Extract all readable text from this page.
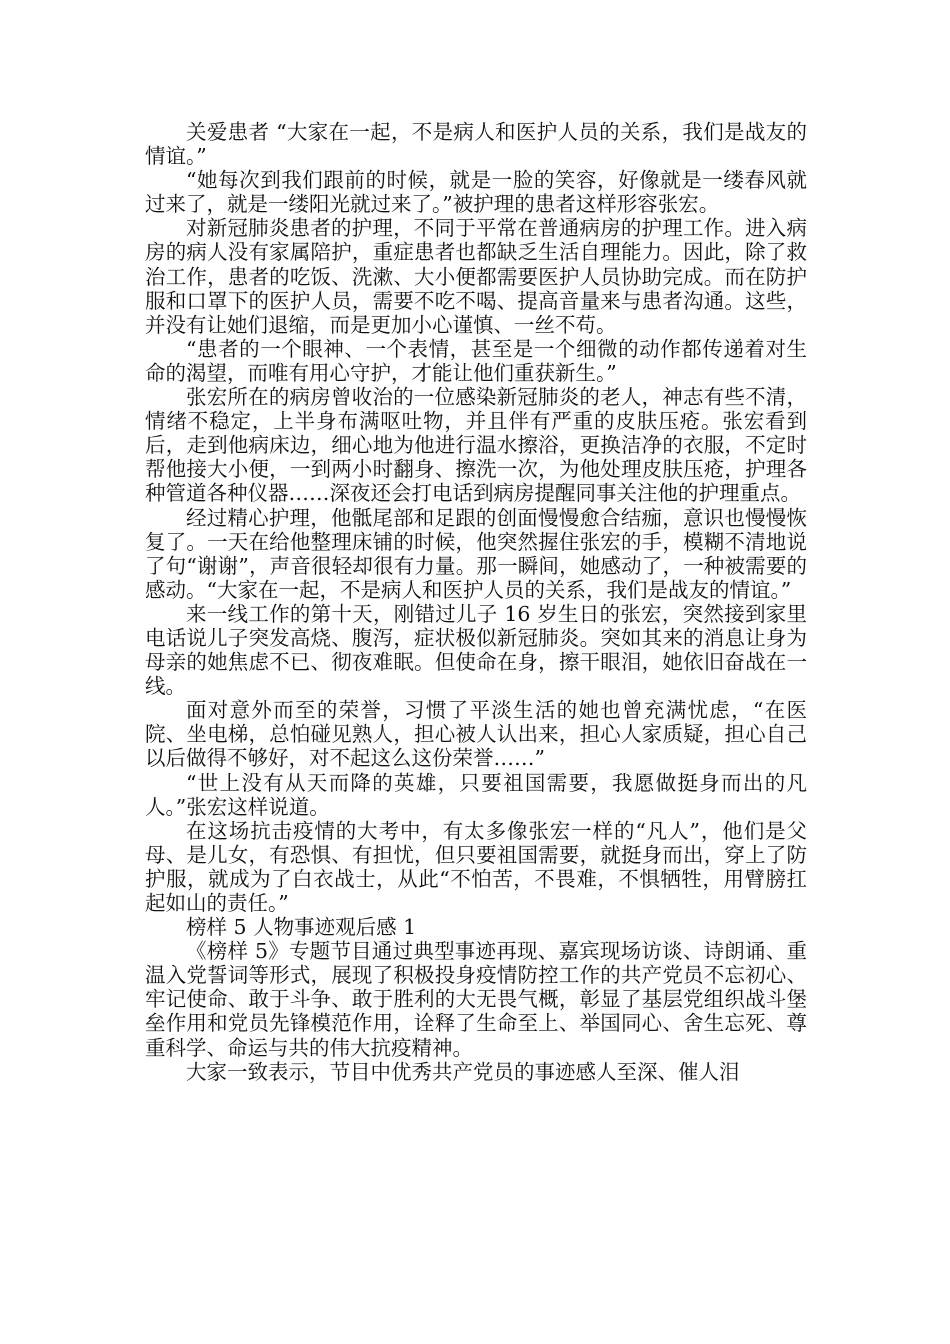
关爱患者 “大家在一起，不是病人和医护人员的关系，我们是战友的情谊。”

“她每次到我们跟前的时候，就是一脸的笑容，好像就是一缕春风就过来了，就是一缕阳光就过来了。”被护理的患者这样形容张宏。

对新冠肺炎患者的护理，不同于平常在普通病房的护理工作。进入病房的病人没有家属陪护，重症患者也都缺乏生活自理能力。因此，除了救治工作，患者的吃饭、洗漱、大小便都需要医护人员协助完成。而在防护服和口罩下的医护人员，需要不吃不喝、提高音量来与患者沟通。这些，并没有让她们退缩，而是更加小心谨慎、一丝不苟。

“患者的一个眼神、一个表情，甚至是一个细微的动作都传递着对生命的渴望，而唯有用心守护，才能让他们重获新生。”

张宏所在的病房曾收治的一位感染新冠肺炎的老人，神志有些不清，情绪不稳定，上半身布满呕吐物，并且伴有严重的皮肤压疮。张宏看到后，走到他病床边，细心地为他进行温水擦浴，更换洁净的衣服，不定时帮他接大小便，一到两小时翻身、擦洗一次，为他处理皮肤压疮，护理各种管道各种仪器……深夜还会打电话到病房提醒同事关注他的护理重点。

经过精心护理，他骶尾部和足跟的创面慢慢愈合结痂，意识也慢慢恢复了。一天在给他整理床铺的时候，他突然握住张宏的手，模糊不清地说了句“谢谢”，声音很轻却很有力量。那一瞬间，她感动了，一种被需要的感动。“大家在一起，不是病人和医护人员的关系，我们是战友的情谊。”

来一线工作的第十天，刚错过儿子 16 岁生日的张宏，突然接到家里电话说儿子突发高烧、腹泻，症状极似新冠肺炎。突如其来的消息让身为母亲的她焦虑不已、彻夜难眠。但使命在身，擦干眼泪，她依旧奋战在一线。

面对意外而至的荣誉，习惯了平淡生活的她也曾充满忧虑，“在医院、坐电梯，总怕碰见熟人，担心被人认出来，担心人家质疑，担心自己以后做得不够好，对不起这么这份荣誉……”

“世上没有从天而降的英雄，只要祖国需要，我愿做挺身而出的凡人。”张宏这样说道。

在这场抗击疫情的大考中，有太多像张宏一样的“凡人”，他们是父母、是儿女，有恐惧、有担忧，但只要祖国需要，就挺身而出，穿上了防护服，就成为了白衣战士，从此“不怕苦，不畏难，不惧牺牲，用臂膀扛起如山的责任。”

榜样 5 人物事迹观后感 1

《榜样 5》专题节目通过典型事迹再现、嘉宾现场访谈、诗朗诵、重温入党誓词等形式，展现了积极投身疫情防控工作的共产党员不忘初心、牢记使命、敢于斗争、敢于胜利的大无畏气概，彰显了基层党组织战斗堡垒作用和党员先锋模范作用，诠释了生命至上、举国同心、舍生忘死、尊重科学、命运与共的伟大抗疫精神。

大家一致表示，节目中优秀共产党员的事迹感人至深、催人泪
